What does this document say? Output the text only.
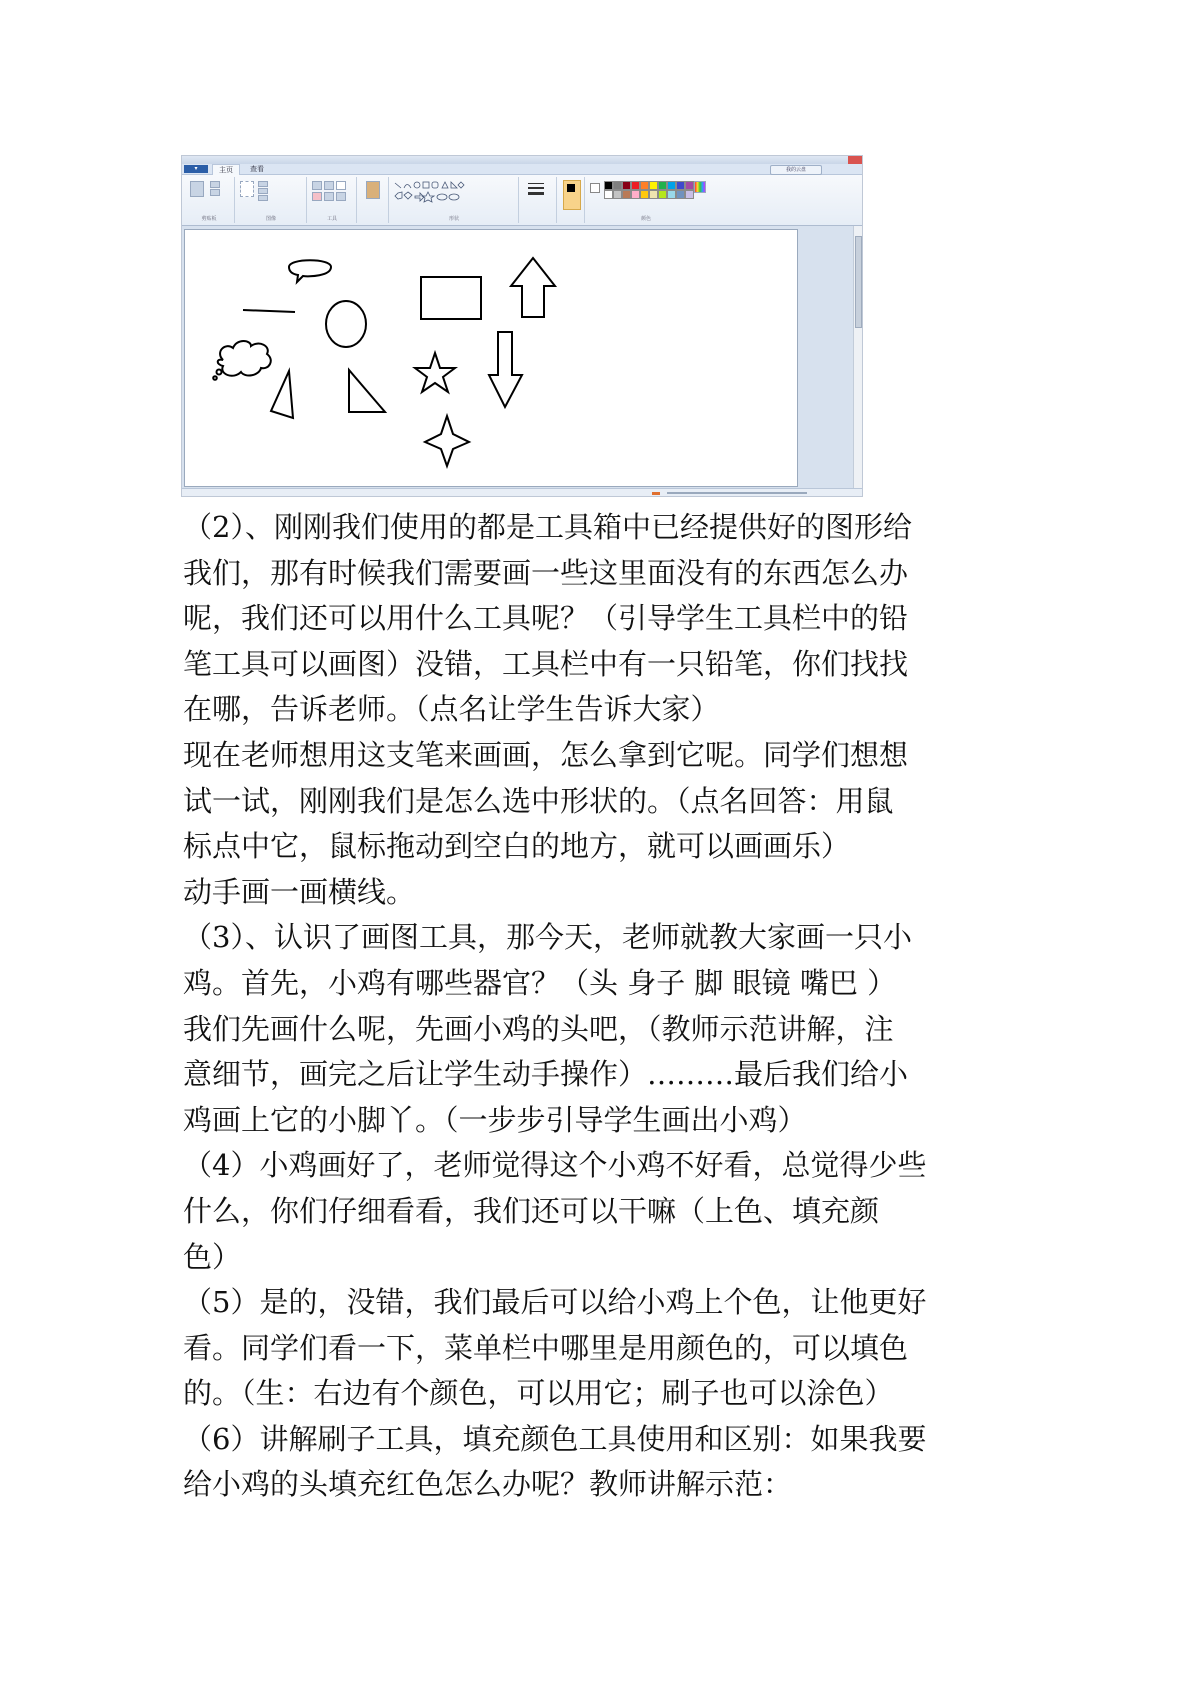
▾	主页	查看	我的云盘
剪贴板	图像	工具	形状	颜色
（2）、刚刚我们使用的都是工具箱中已经提供好的图形给
我们，那有时候我们需要画一些这里面没有的东西怎么办
呢，我们还可以用什么工具呢？（引导学生工具栏中的铅
笔工具可以画图）没错，工具栏中有一只铅笔，你们找找
在哪，告诉老师。（点名让学生告诉大家）
现在老师想用这支笔来画画，怎么拿到它呢。同学们想想
试一试，刚刚我们是怎么选中形状的。（点名回答：用鼠
标点中它，鼠标拖动到空白的地方，就可以画画乐）
动手画一画横线。
（3）、认识了画图工具，那今天，老师就教大家画一只小
鸡。首先，小鸡有哪些器官？（头 身子 脚 眼镜 嘴巴 ）
我们先画什么呢，先画小鸡的头吧，（教师示范讲解，注
意细节，画完之后让学生动手操作）………最后我们给小
鸡画上它的小脚丫。（一步步引导学生画出小鸡）
（4）小鸡画好了，老师觉得这个小鸡不好看，总觉得少些
什么，你们仔细看看，我们还可以干嘛（上色、填充颜
色）
（5）是的，没错，我们最后可以给小鸡上个色，让他更好
看。同学们看一下，菜单栏中哪里是用颜色的，可以填色
的。（生：右边有个颜色，可以用它；刷子也可以涂色）
（6）讲解刷子工具，填充颜色工具使用和区别：如果我要
给小鸡的头填充红色怎么办呢？教师讲解示范：
